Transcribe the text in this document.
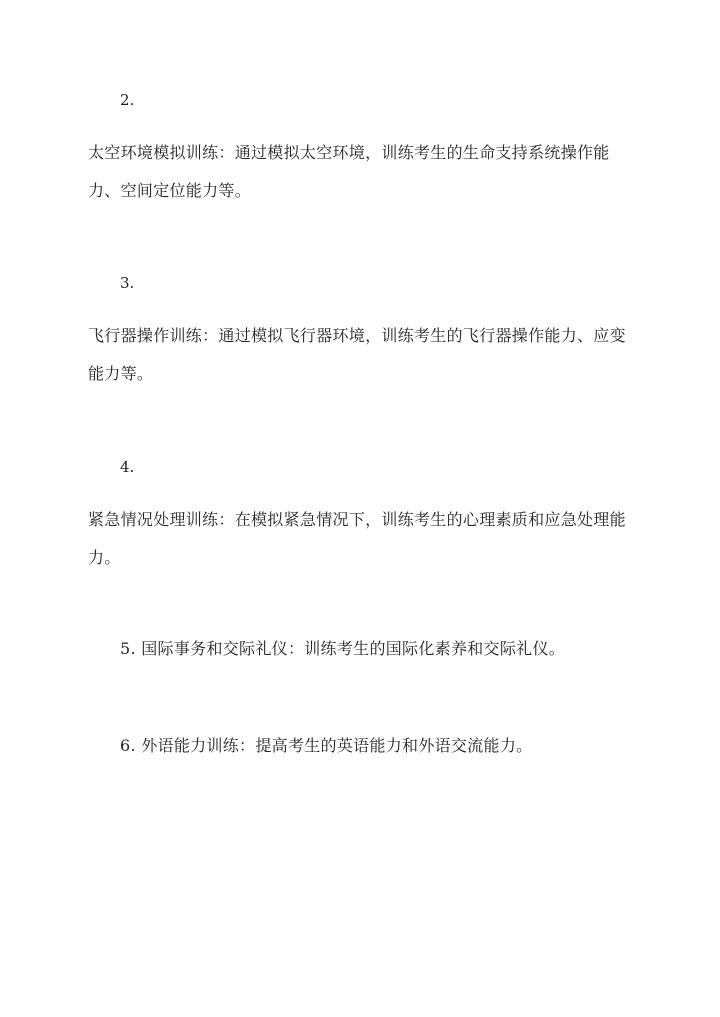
2.

太空环境模拟训练：通过模拟太空环境，训练考生的生命支持系统操作能力、空间定位能力等。

3.

飞行器操作训练：通过模拟飞行器环境，训练考生的飞行器操作能力、应变能力等。

4.

紧急情况处理训练：在模拟紧急情况下，训练考生的心理素质和应急处理能力。

5. 国际事务和交际礼仪：训练考生的国际化素养和交际礼仪。

6. 外语能力训练：提高考生的英语能力和外语交流能力。
